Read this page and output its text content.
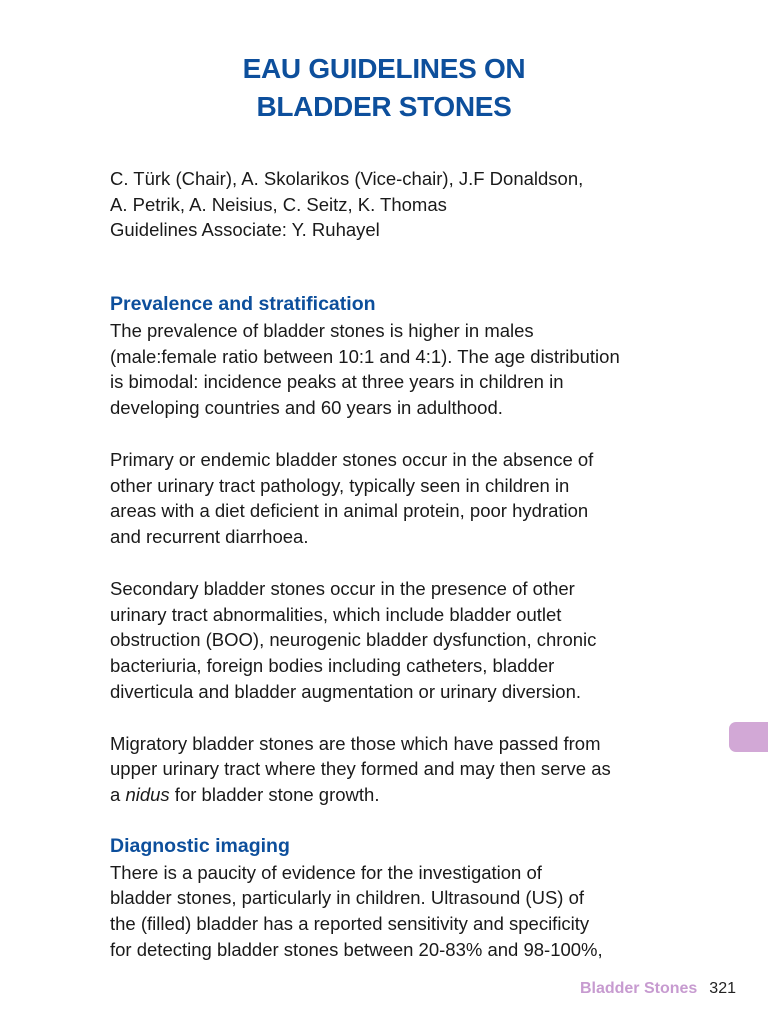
EAU GUIDELINES ON
BLADDER STONES
C. Türk (Chair), A. Skolarikos (Vice-chair), J.F Donaldson,
A. Petrik, A. Neisius, C. Seitz, K. Thomas
Guidelines Associate: Y. Ruhayel
Prevalence and stratification
The prevalence of bladder stones is higher in males
(male:female ratio between 10:1 and 4:1). The age distribution
is bimodal: incidence peaks at three years in children in
developing countries and 60 years in adulthood.
Primary or endemic bladder stones occur in the absence of
other urinary tract pathology, typically seen in children in
areas with a diet deficient in animal protein, poor hydration
and recurrent diarrhoea.
Secondary bladder stones occur in the presence of other
urinary tract abnormalities, which include bladder outlet
obstruction (BOO), neurogenic bladder dysfunction, chronic
bacteriuria, foreign bodies including catheters, bladder
diverticula and bladder augmentation or urinary diversion.
Migratory bladder stones are those which have passed from
upper urinary tract where they formed and may then serve as
a nidus for bladder stone growth.
Diagnostic imaging
There is a paucity of evidence for the investigation of
bladder stones, particularly in children. Ultrasound (US) of
the (filled) bladder has a reported sensitivity and specificity
for detecting bladder stones between 20-83% and 98-100%,
Bladder Stones 321
